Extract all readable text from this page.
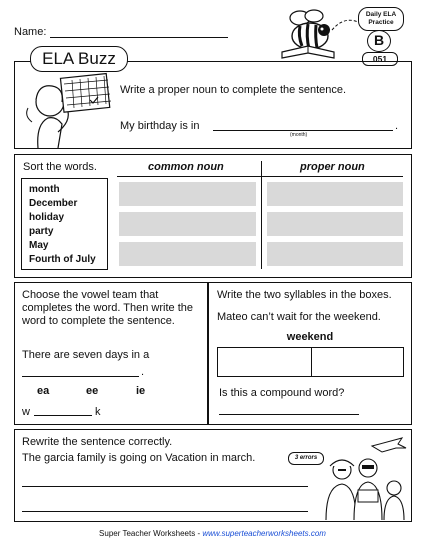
Name:
Daily ELA
Practice
B
051
ELA Buzz
Write a proper noun to complete the sentence.
My birthday is in	.
(month)
Sort the words.	common noun	proper noun
month
December
holiday
party
May
Fourth of July
Choose the vowel team that completes the word. Then write the word to complete the sentence.
There are seven days in a
.
ea	ee	ie
w	k
Write the two syllables in the boxes.
Mateo can’t wait for the weekend.
weekend
Is this a compound word?
Rewrite the sentence correctly.
The garcia family is going on Vacation in march.	3 errors
Super Teacher Worksheets - www.superteacherworksheets.com
